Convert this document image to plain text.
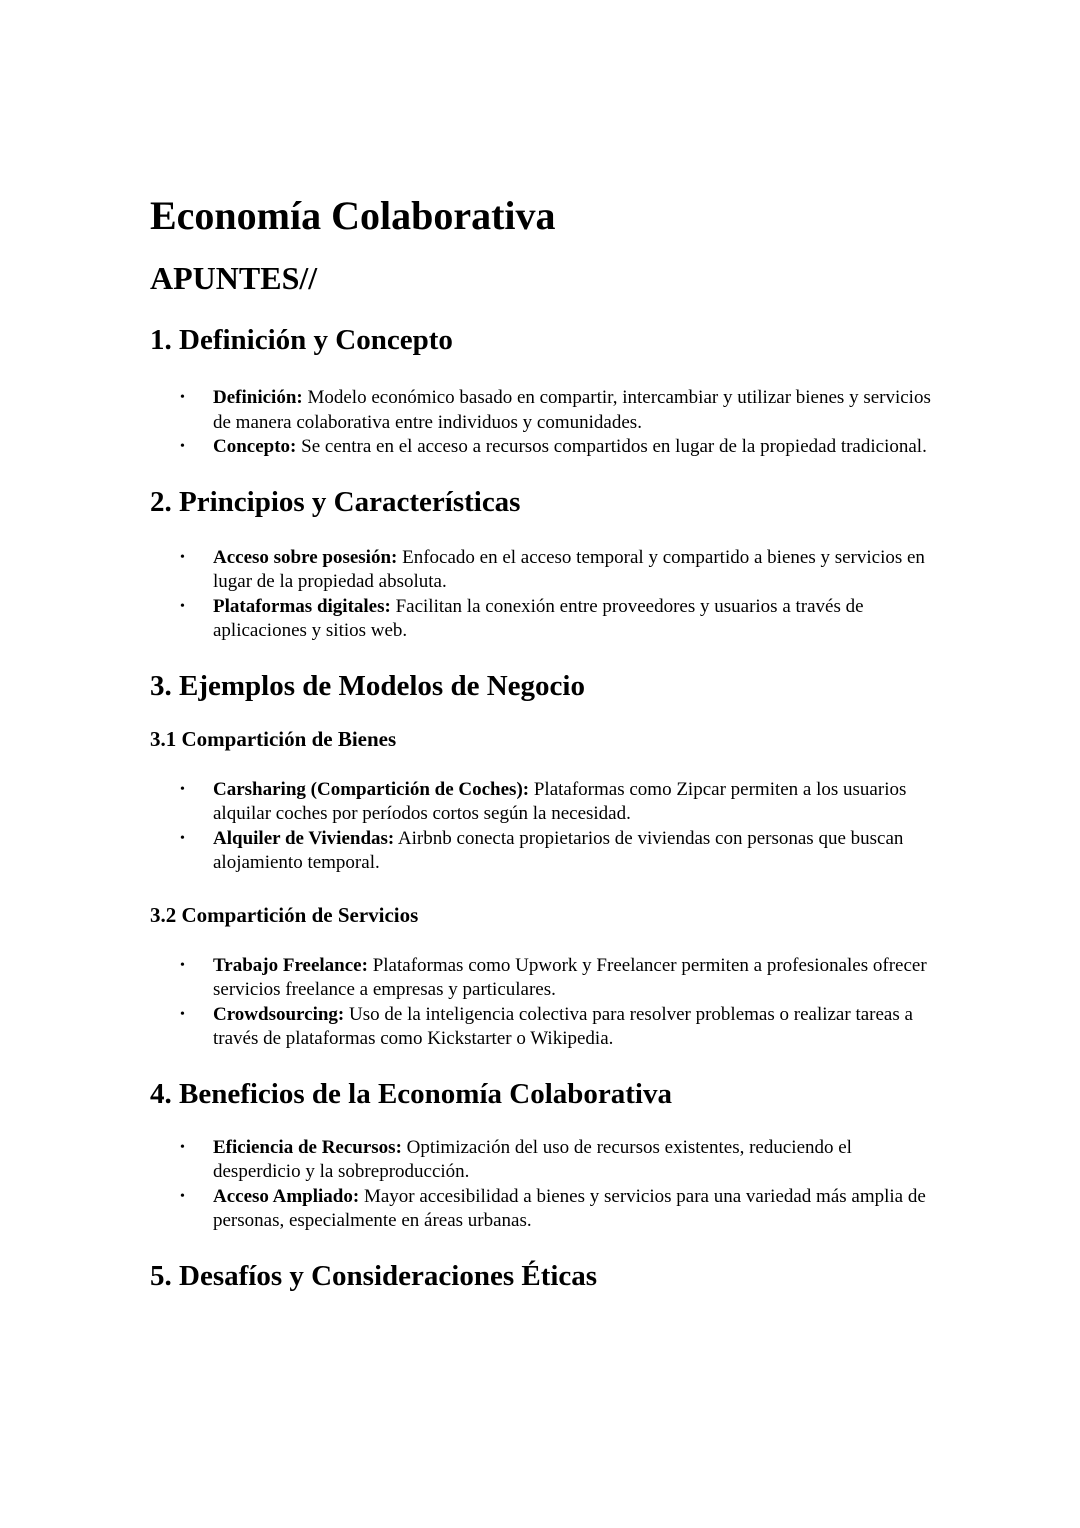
Economía Colaborativa
APUNTES//
1. Definición y Concepto
• Definición: Modelo económico basado en compartir, intercambiar y utilizar bienes y servicios de manera colaborativa entre individuos y comunidades.
• Concepto: Se centra en el acceso a recursos compartidos en lugar de la propiedad tradicional.
2. Principios y Características
• Acceso sobre posesión: Enfocado en el acceso temporal y compartido a bienes y servicios en lugar de la propiedad absoluta.
• Plataformas digitales: Facilitan la conexión entre proveedores y usuarios a través de aplicaciones y sitios web.
3. Ejemplos de Modelos de Negocio
3.1 Compartición de Bienes
• Carsharing (Compartición de Coches): Plataformas como Zipcar permiten a los usuarios alquilar coches por períodos cortos según la necesidad.
• Alquiler de Viviendas: Airbnb conecta propietarios de viviendas con personas que buscan alojamiento temporal.
3.2 Compartición de Servicios
• Trabajo Freelance: Plataformas como Upwork y Freelancer permiten a profesionales ofrecer servicios freelance a empresas y particulares.
• Crowdsourcing: Uso de la inteligencia colectiva para resolver problemas o realizar tareas a través de plataformas como Kickstarter o Wikipedia.
4. Beneficios de la Economía Colaborativa
• Eficiencia de Recursos: Optimización del uso de recursos existentes, reduciendo el desperdicio y la sobreproducción.
• Acceso Ampliado: Mayor accesibilidad a bienes y servicios para una variedad más amplia de personas, especialmente en áreas urbanas.
5. Desafíos y Consideraciones Éticas
